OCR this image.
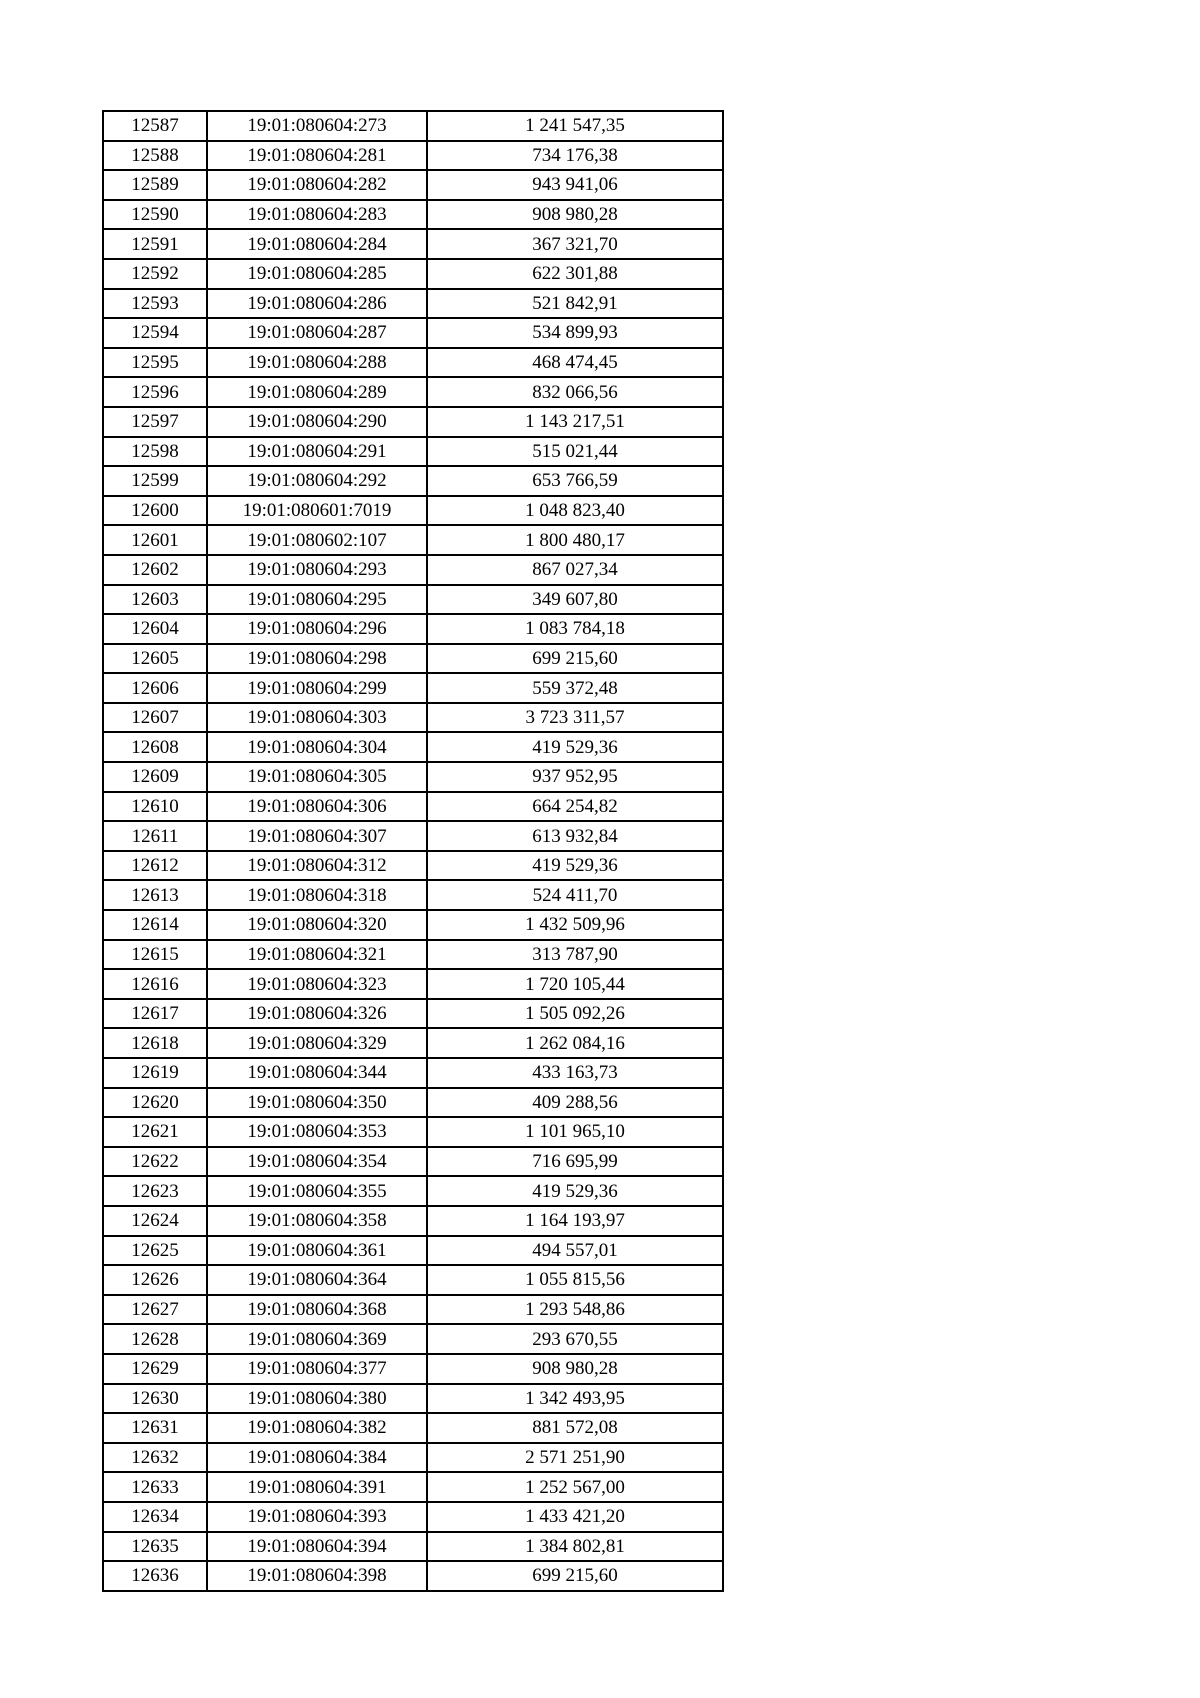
12587	19:01:080604:273	1 241 547,35
12588	19:01:080604:281	734 176,38
12589	19:01:080604:282	943 941,06
12590	19:01:080604:283	908 980,28
12591	19:01:080604:284	367 321,70
12592	19:01:080604:285	622 301,88
12593	19:01:080604:286	521 842,91
12594	19:01:080604:287	534 899,93
12595	19:01:080604:288	468 474,45
12596	19:01:080604:289	832 066,56
12597	19:01:080604:290	1 143 217,51
12598	19:01:080604:291	515 021,44
12599	19:01:080604:292	653 766,59
12600	19:01:080601:7019	1 048 823,40
12601	19:01:080602:107	1 800 480,17
12602	19:01:080604:293	867 027,34
12603	19:01:080604:295	349 607,80
12604	19:01:080604:296	1 083 784,18
12605	19:01:080604:298	699 215,60
12606	19:01:080604:299	559 372,48
12607	19:01:080604:303	3 723 311,57
12608	19:01:080604:304	419 529,36
12609	19:01:080604:305	937 952,95
12610	19:01:080604:306	664 254,82
12611	19:01:080604:307	613 932,84
12612	19:01:080604:312	419 529,36
12613	19:01:080604:318	524 411,70
12614	19:01:080604:320	1 432 509,96
12615	19:01:080604:321	313 787,90
12616	19:01:080604:323	1 720 105,44
12617	19:01:080604:326	1 505 092,26
12618	19:01:080604:329	1 262 084,16
12619	19:01:080604:344	433 163,73
12620	19:01:080604:350	409 288,56
12621	19:01:080604:353	1 101 965,10
12622	19:01:080604:354	716 695,99
12623	19:01:080604:355	419 529,36
12624	19:01:080604:358	1 164 193,97
12625	19:01:080604:361	494 557,01
12626	19:01:080604:364	1 055 815,56
12627	19:01:080604:368	1 293 548,86
12628	19:01:080604:369	293 670,55
12629	19:01:080604:377	908 980,28
12630	19:01:080604:380	1 342 493,95
12631	19:01:080604:382	881 572,08
12632	19:01:080604:384	2 571 251,90
12633	19:01:080604:391	1 252 567,00
12634	19:01:080604:393	1 433 421,20
12635	19:01:080604:394	1 384 802,81
12636	19:01:080604:398	699 215,60
